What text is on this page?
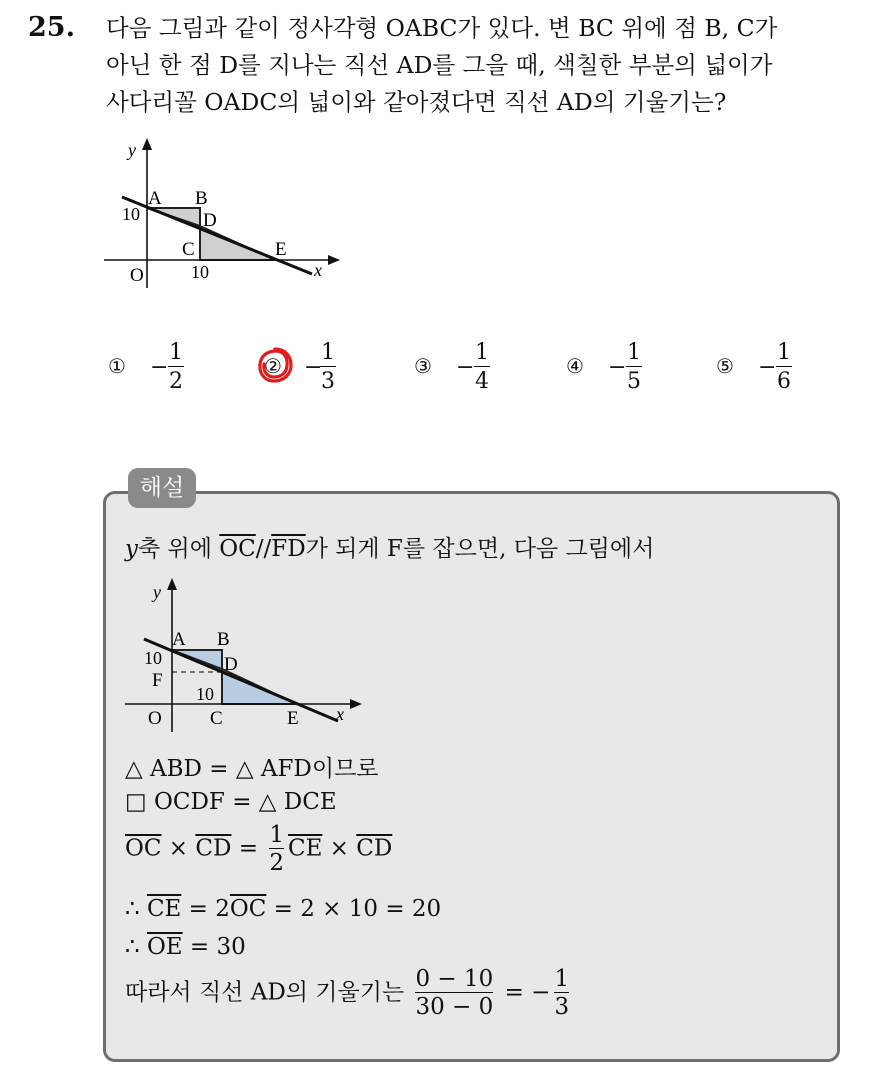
25. 다음 그림과 같이 정사각형 OABC가 있다. 변 BC 위에 점 B, C가
아닌 한 점 D를 지나는 직선 AD를 그을 때, 색칠한 부분의 넓이가
사다리꼴 OADC의 넓이와 같아졌다면 직선 AD의 기울기는?
y
A B
10	D
C	E
O	10	x
① −
1
2
② −
1
3
③ −
1
4
④ −
1
5
⑤ −
1
6
해설
y축 위에 $\overline{OC}//\overline{FD}$가 되게 F를 잡으면, 다음 그림에서
y
A B
10	D
F
10
O	C	E x
△ ABD = △ AFD이므로
□ OCDF = △ DCE
$\overline{OC} \times \overline{CD} = \frac{1}{2} \overline{CE} \times \overline{CD}$
∴ $\overline{CE} = 2\overline{OC} = 2 \times 10 = 20$
∴ $\overline{OE} = 30$
따라서 직선 AD의 기울기는 $\frac{0 - 10}{30 - 0}$ = − $\frac{1}{3}$
